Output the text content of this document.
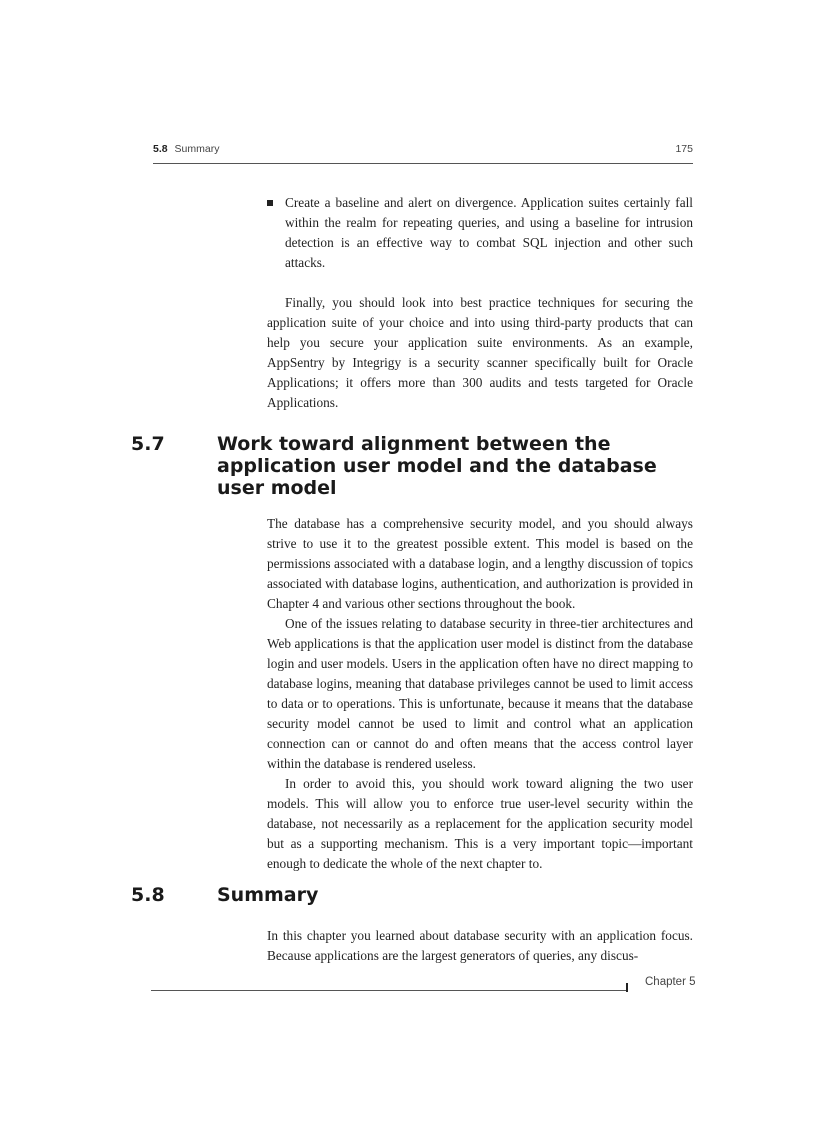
5.8 Summary	175

Create a baseline and alert on divergence. Application suites certainly fall within the realm for repeating queries, and using a baseline for intrusion detection is an effective way to combat SQL injection and other such attacks.

Finally, you should look into best practice techniques for securing the application suite of your choice and into using third-party products that can help you secure your application suite environments. As an example, AppSentry by Integrigy is a security scanner specifically built for Oracle Applications; it offers more than 300 audits and tests targeted for Oracle Applications.

5.7	Work toward alignment between the application user model and the database user model

The database has a comprehensive security model, and you should always strive to use it to the greatest possible extent. This model is based on the permissions associated with a database login, and a lengthy discussion of topics associated with database logins, authentication, and authorization is provided in Chapter 4 and various other sections throughout the book.

One of the issues relating to database security in three-tier architectures and Web applications is that the application user model is distinct from the database login and user models. Users in the application often have no direct mapping to database logins, meaning that database privileges cannot be used to limit access to data or to operations. This is unfortunate, because it means that the database security model cannot be used to limit and control what an application connection can or cannot do and often means that the access control layer within the database is rendered useless.

In order to avoid this, you should work toward aligning the two user models. This will allow you to enforce true user-level security within the database, not necessarily as a replacement for the application security model but as a supporting mechanism. This is a very important topic—important enough to dedicate the whole of the next chapter to.

5.8	Summary

In this chapter you learned about database security with an application focus. Because applications are the largest generators of queries, any discus-

Chapter 5
